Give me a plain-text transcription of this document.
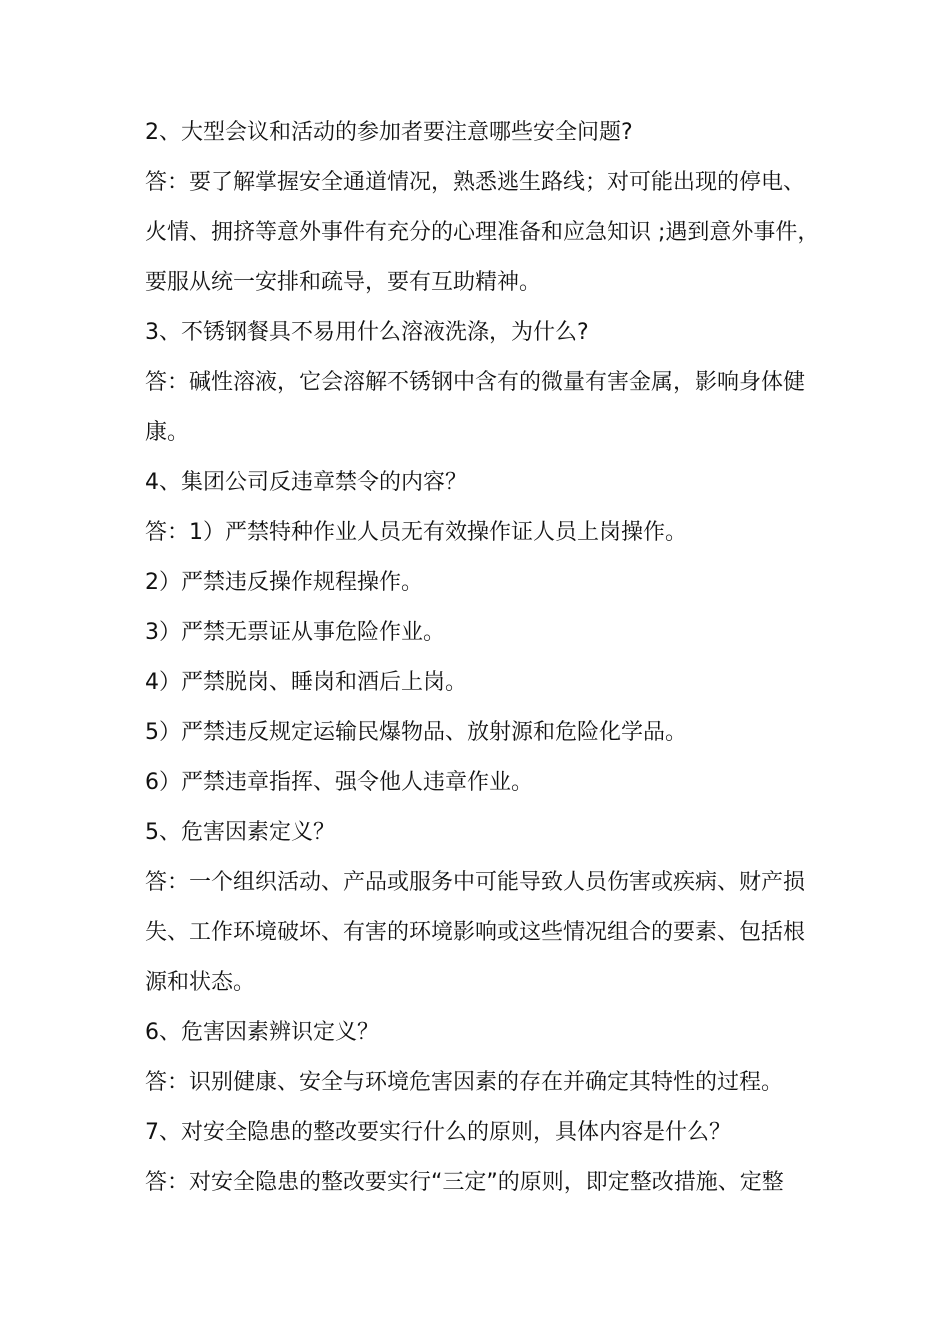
2、大型会议和活动的参加者要注意哪些安全问题?
答：要了解掌握安全通道情况，熟悉逃生路线；对可能出现的停电、
火情、拥挤等意外事件有充分的心理准备和应急知识 ;遇到意外事件，
要服从统一安排和疏导，要有互助精神。
3、不锈钢餐具不易用什么溶液洗涤，为什么?
答：碱性溶液，它会溶解不锈钢中含有的微量有害金属，影响身体健
康。
4、集团公司反违章禁令的内容？
答：1）严禁特种作业人员无有效操作证人员上岗操作。
2）严禁违反操作规程操作。
3）严禁无票证从事危险作业。
4）严禁脱岗、睡岗和酒后上岗。
5）严禁违反规定运输民爆物品、放射源和危险化学品。
6）严禁违章指挥、强令他人违章作业。
5、危害因素定义？
答：一个组织活动、产品或服务中可能导致人员伤害或疾病、财产损
失、工作环境破坏、有害的环境影响或这些情况组合的要素、包括根
源和状态。
6、危害因素辨识定义？
答：识别健康、安全与环境危害因素的存在并确定其特性的过程。
7、对安全隐患的整改要实行什么的原则，具体内容是什么？
答：对安全隐患的整改要实行“三定”的原则，即定整改措施、定整
